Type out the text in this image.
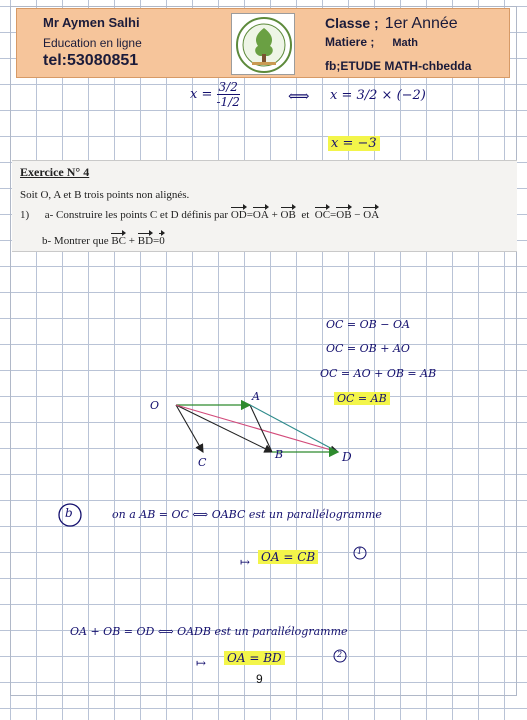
Mr Aymen Salhi
Education en ligne
tel:53080851
Classe ; 1er Année
Matiere ; Math
fb;ETUDE MATH-chbedda
$x = \frac{3/2}{-1/2}$	⟺ x = 3/2 × (−2)
x = −3
Exercice N° 4
Soit O, A et B trois points non alignés.
1) a- Construire les points C et D définis par OD=OA + OB et OC=OB − OA
b- Montrer que BC + BD=0
OC = OB − OA
OC = OB + AO
OC = AO + OB = AB
OC = AB
O
A
B
C	D
b	on a AB = OC ⟺ OABC est un parallélogramme
↦ OA = CB	1
OA + OB = OD ⟺ OADB est un parallélogramme
↦ OA = BD	2
9
